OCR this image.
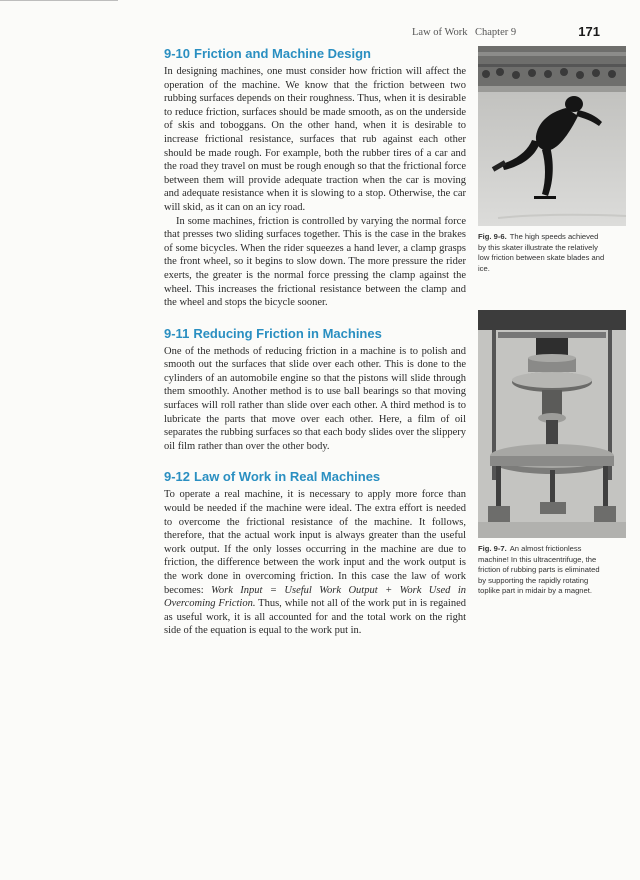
Law of Work Chapter 9	171
9-10 Friction and Machine Design

In designing machines, one must consider how friction will affect the operation of the machine. We know that the friction between two rubbing surfaces depends on their roughness. Thus, when it is desirable to reduce friction, surfaces should be made smooth, as on the underside of skis and toboggans. On the other hand, when it is desirable to increase frictional resistance, surfaces that rub against each other should be made rough. For example, both the rubber tires of a car and the road they travel on must be rough enough so that the frictional force between them will provide adequate traction when the car is moving and adequate resistance when it is slowing to a stop. Otherwise, the car will skid, as it can on an icy road.

In some machines, friction is controlled by varying the normal force that presses two sliding surfaces together. This is the case in the brakes of some bicycles. When the rider squeezes a hand lever, a clamp grasps the front wheel, so it begins to slow down. The more pressure the rider exerts, the greater is the normal force pressing the clamp against the wheel. This increases the frictional resistance between the clamp and the wheel and stops the bicycle sooner.

9-11 Reducing Friction in Machines

One of the methods of reducing friction in a machine is to polish and smooth out the surfaces that slide over each other. This is done to the cylinders of an automobile engine so that the pistons will slide through them smoothly. Another method is to use ball bearings so that moving surfaces will roll rather than slide over each other. A third method is to lubricate the parts that move over each other. Here, a film of oil separates the rubbing surfaces so that each body slides over the slippery oil film rather than over the other body.

9-12 Law of Work in Real Machines

To operate a real machine, it is necessary to apply more force than would be needed if the machine were ideal. The extra effort is needed to overcome the frictional resistance of the machine. It follows, therefore, that the actual work input is always greater than the useful work output. If the only losses occurring in the machine are due to friction, the difference between the work input and the work output is the work done in overcoming friction. In this case the law of work becomes: Work Input = Useful Work Output + Work Used in Overcoming Friction. Thus, while not all of the work put in is regained as useful work, it is all accounted for and the total work on the right side of the equation is equal to the work put in.

Fig. 9-6. The high speeds achieved by this skater illustrate the relatively low friction between skate blades and ice.
Fig. 9-7. An almost frictionless machine! In this ultracentrifuge, the friction of rubbing parts is eliminated by supporting the rapidly rotating toplike part in midair by a magnet.
